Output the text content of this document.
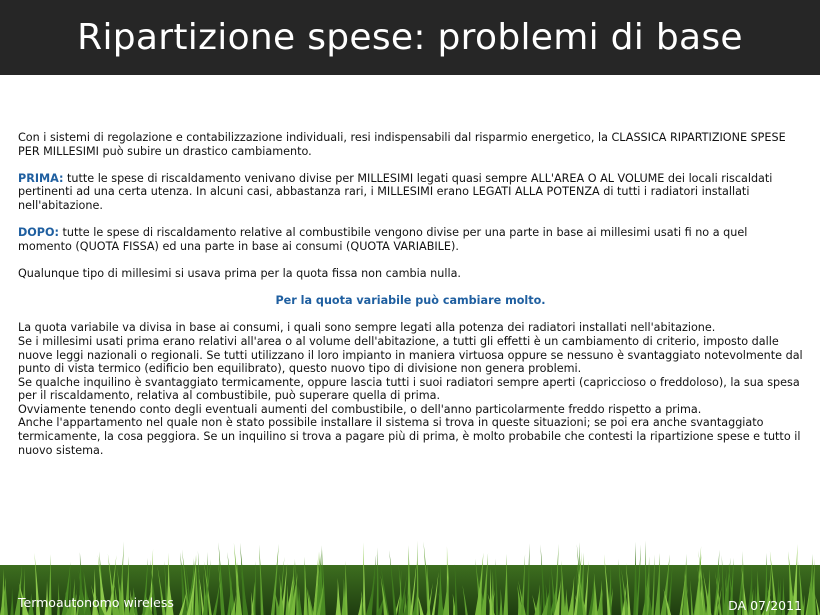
Ripartizione spese: problemi di base

Con i sistemi di regolazione e contabilizzazione individuali, resi indispensabili dal risparmio energetico, la CLASSICA RIPARTIZIONE SPESE PER MILLESIMI può subire un drastico cambiamento.

PRIMA: tutte le spese di riscaldamento venivano divise per MILLESIMI legati quasi sempre ALL'AREA O AL VOLUME dei locali riscaldati pertinenti ad una certa utenza. In alcuni casi, abbastanza rari, i MILLESIMI erano LEGATI ALLA POTENZA di tutti i radiatori installati nell'abitazione.

DOPO: tutte le spese di riscaldamento relative al combustibile vengono divise per una parte in base ai millesimi usati fi no a quel momento (QUOTA FISSA) ed una parte in base ai consumi (QUOTA VARIABILE).

Qualunque tipo di millesimi si usava prima per la quota fissa non cambia nulla.

Per la quota variabile può cambiare molto.

La quota variabile va divisa in base ai consumi, i quali sono sempre legati alla potenza dei radiatori installati nell'abitazione.
Se i millesimi usati prima erano relativi all'area o al volume dell'abitazione, a tutti gli effetti è un cambiamento di criterio, imposto dalle nuove leggi nazionali o regionali. Se tutti utilizzano il loro impianto in maniera virtuosa oppure se nessuno è svantaggiato notevolmente dal punto di vista termico (edificio ben equilibrato), questo nuovo tipo di divisione non genera problemi.
Se qualche inquilino è svantaggiato termicamente, oppure lascia tutti i suoi radiatori sempre aperti (capriccioso o freddoloso), la sua spesa per il riscaldamento, relativa al combustibile, può superare quella di prima.
Ovviamente tenendo conto degli eventuali aumenti del combustibile, o dell'anno particolarmente freddo rispetto a prima.
Anche l'appartamento nel quale non è stato possibile installare il sistema si trova in queste situazioni; se poi era anche svantaggiato termicamente, la cosa peggiora. Se un inquilino si trova a pagare più di prima, è molto probabile che contesti la ripartizione spese e tutto il nuovo sistema.

Termoautonomo wireless	DA 07/2011
